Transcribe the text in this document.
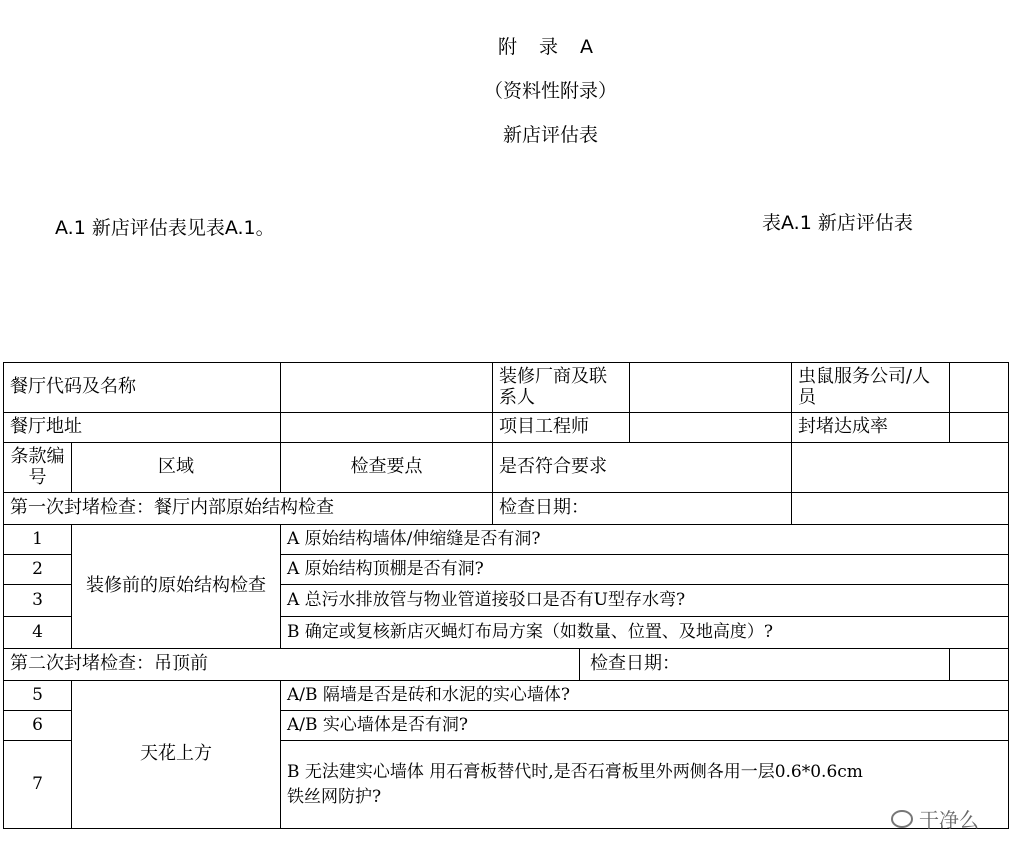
附 录 A
（资料性附录）
新店评估表
A.1 新店评估表见表A.1。	表A.1 新店评估表
餐厅代码及名称			装修厂商及联系人			虫鼠服务公司/人员	
餐厅地址			项目工程师			封堵达成率	
条款编号	区域	检查要点	是否符合要求				
第一次封堵检查：餐厅内部原始结构检查			检查日期：				
1	装修前的原始结构检查	A 原始结构墙体/伸缩缝是否有洞?					
2		A 原始结构顶棚是否有洞?					
3		A 总污水排放管与物业管道接驳口是否有U型存水弯?					
4		B 确定或复核新店灭蝇灯布局方案（如数量、位置、及地高度）?					
第二次封堵检查：吊顶前				检查日期：			
5	天花上方	A/B 隔墙是否是砖和水泥的实心墙体?					
6		A/B 实心墙体是否有洞?					
7		B 无法建实心墙体 用石膏板替代时,是否石膏板里外两侧各用一层0.6*0.6cm铁丝网防护?					
干净么
